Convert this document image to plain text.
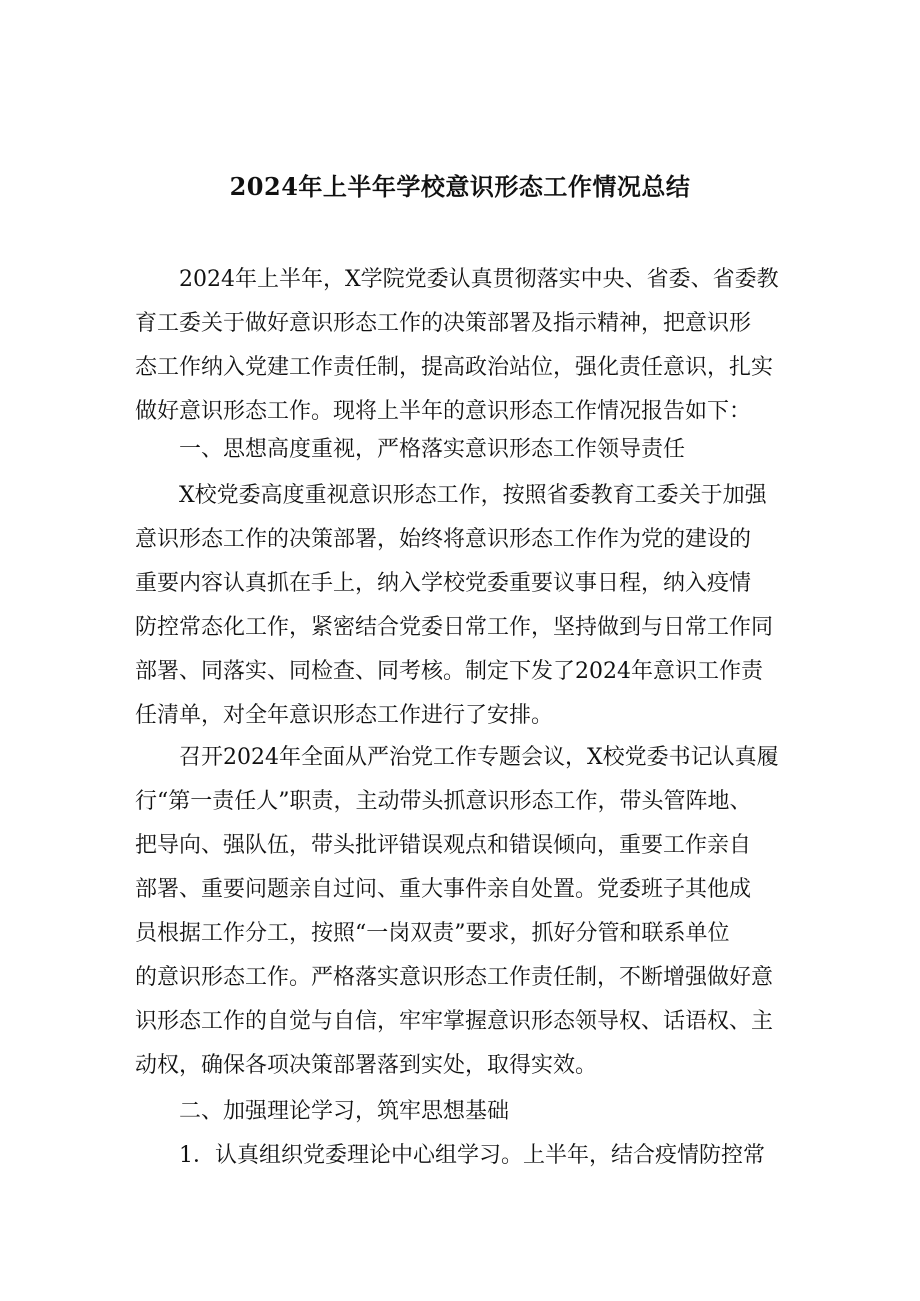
2024年上半年学校意识形态工作情况总结
2024年上半年，X学院党委认真贯彻落实中央、省委、省委教
育工委关于做好意识形态工作的决策部署及指示精神，把意识形
态工作纳入党建工作责任制，提高政治站位，强化责任意识，扎实
做好意识形态工作。现将上半年的意识形态工作情况报告如下：
一、思想高度重视，严格落实意识形态工作领导责任
X校党委高度重视意识形态工作，按照省委教育工委关于加强
意识形态工作的决策部署，始终将意识形态工作作为党的建设的
重要内容认真抓在手上，纳入学校党委重要议事日程，纳入疫情
防控常态化工作，紧密结合党委日常工作，坚持做到与日常工作同
部署、同落实、同检查、同考核。制定下发了2024年意识工作责
任清单，对全年意识形态工作进行了安排。
召开2024年全面从严治党工作专题会议，X校党委书记认真履
行“第一责任人”职责，主动带头抓意识形态工作，带头管阵地、
把导向、强队伍，带头批评错误观点和错误倾向，重要工作亲自
部署、重要问题亲自过问、重大事件亲自处置。党委班子其他成
员根据工作分工，按照“一岗双责”要求，抓好分管和联系单位
的意识形态工作。严格落实意识形态工作责任制，不断增强做好意
识形态工作的自觉与自信，牢牢掌握意识形态领导权、话语权、主
动权，确保各项决策部署落到实处，取得实效。
二、加强理论学习，筑牢思想基础
1．认真组织党委理论中心组学习。上半年，结合疫情防控常
